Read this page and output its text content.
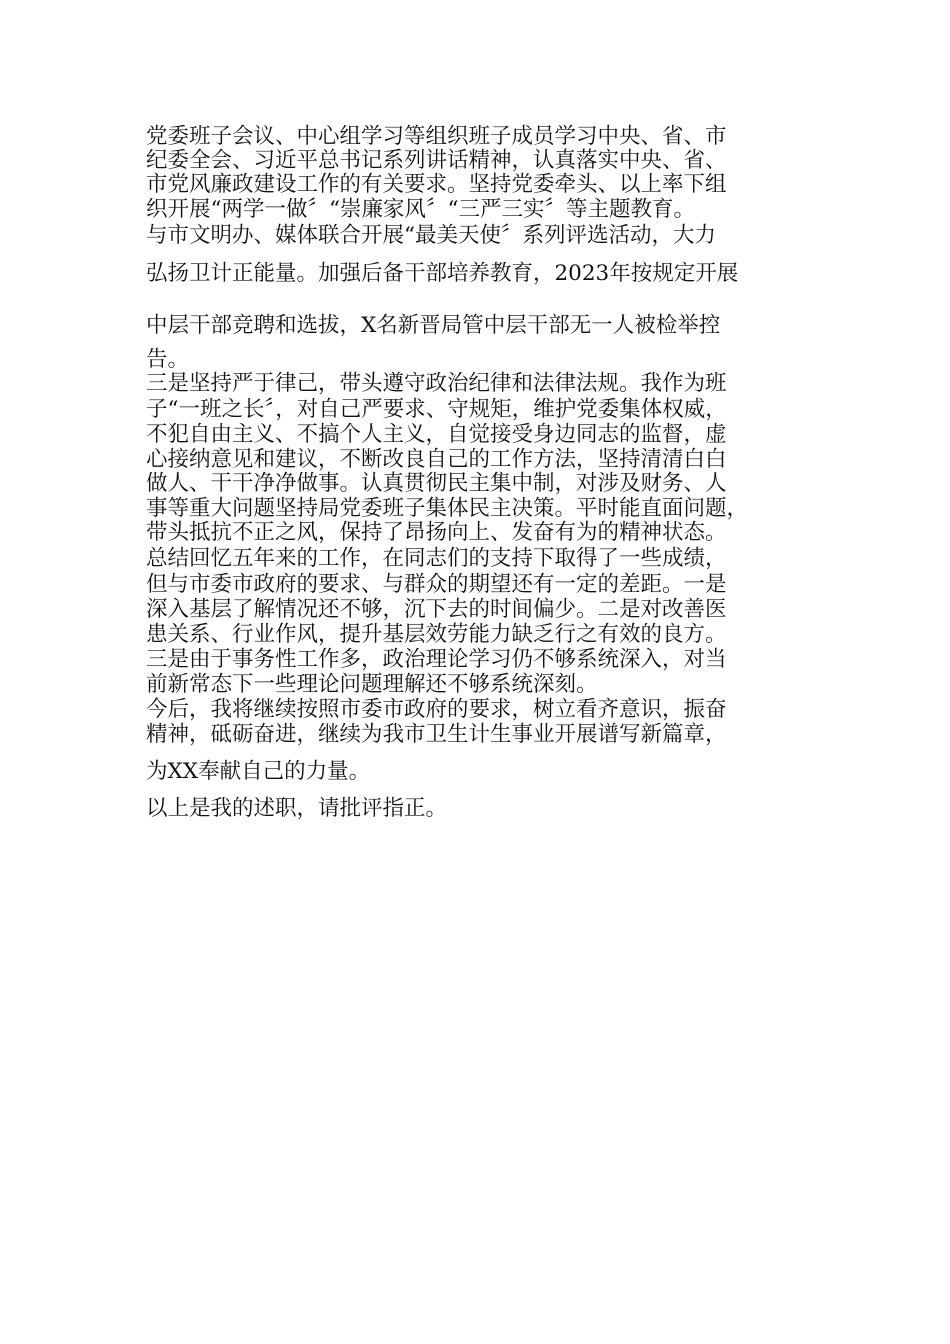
党委班子会议、中心组学习等组织班子成员学习中央、省、市
纪委全会、习近平总书记系列讲话精神，认真落实中央、省、
市党风廉政建设工作的有关要求。坚持党委牵头、以上率下组
织开展“两学一做〞“崇廉家风〞“三严三实〞等主题教育。
与市文明办、媒体联合开展“最美天使〞系列评选活动，大力
弘扬卫计正能量。加强后备干部培养教育，2023年按规定开展
中层干部竞聘和选拔，X名新晋局管中层干部无一人被检举控
告。
三是坚持严于律己，带头遵守政治纪律和法律法规。我作为班
子“一班之长〞，对自己严要求、守规矩，维护党委集体权威，
不犯自由主义、不搞个人主义，自觉接受身边同志的监督，虚
心接纳意见和建议，不断改良自己的工作方法，坚持清清白白
做人、干干净净做事。认真贯彻民主集中制，对涉及财务、人
事等重大问题坚持局党委班子集体民主决策。平时能直面问题，
带头抵抗不正之风，保持了昂扬向上、发奋有为的精神状态。
总结回忆五年来的工作，在同志们的支持下取得了一些成绩，
但与市委市政府的要求、与群众的期望还有一定的差距。一是
深入基层了解情况还不够，沉下去的时间偏少。二是对改善医
患关系、行业作风，提升基层效劳能力缺乏行之有效的良方。
三是由于事务性工作多，政治理论学习仍不够系统深入，对当
前新常态下一些理论问题理解还不够系统深刻。
今后，我将继续按照市委市政府的要求，树立看齐意识，振奋
精神，砥砺奋进，继续为我市卫生计生事业开展谱写新篇章，
为XX奉献自己的力量。
以上是我的述职，请批评指正。
